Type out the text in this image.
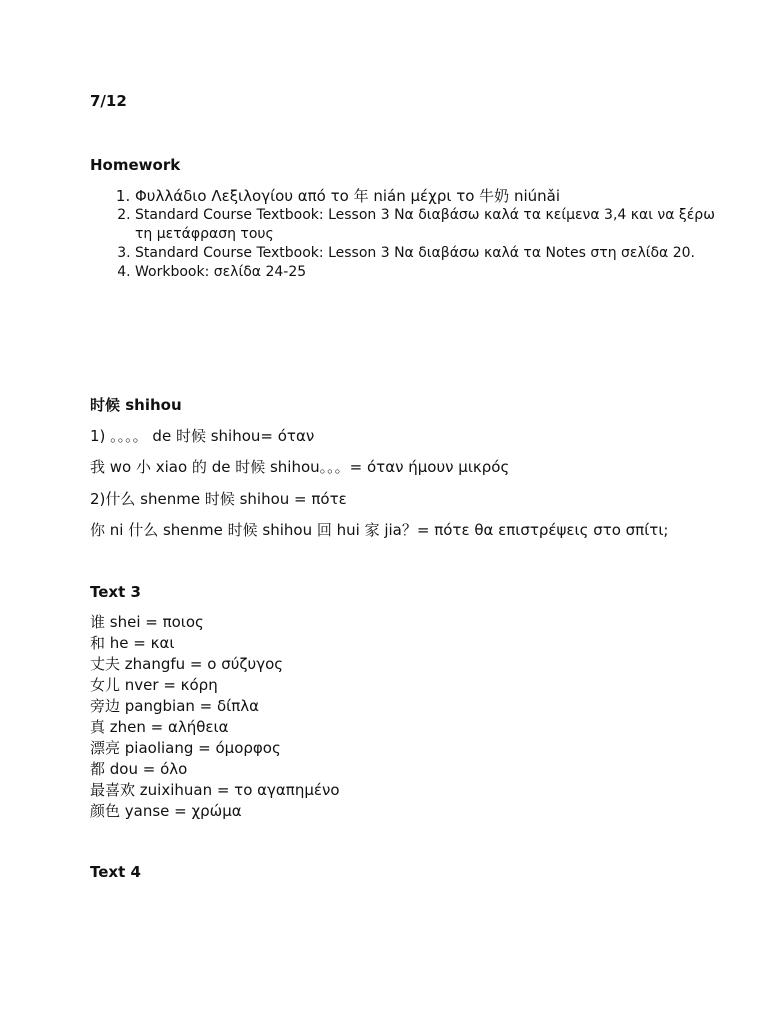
7/12
Homework
1. Φυλλάδιο Λεξιλογίου από το 年 nián μέχρι το 牛奶 niúnǎi
2. Standard Course Textbook: Lesson 3 Να διαβάσω καλά τα κείμενα 3,4 και να ξέρω τη μετάφραση τους
3. Standard Course Textbook: Lesson 3 Να διαβάσω καλά τα Notes στη σελίδα 20.
4. Workbook: σελίδα 24-25
时候 shihou
1) 。。。。 de 时候 shihou= όταν
我 wo 小 xiao 的 de 时候 shihou。。。= όταν ήμουν μικρός
2)什么 shenme 时候 shihou = πότε
你 ni 什么 shenme 时候 shihou 回 hui 家 jia？= πότε θα επιστρέψεις στο σπίτι;
Text 3
谁 shei = ποιος
和 he = και
丈夫 zhangfu = ο σύζυγος
女儿 nver = κόρη
旁边 pangbian = δίπλα
真 zhen = αλήθεια
漂亮 piaoliang = όμορφος
都 dou = όλο
最喜欢 zuixihuan = το αγαπημένο
颜色 yanse = χρώμα
Text 4
